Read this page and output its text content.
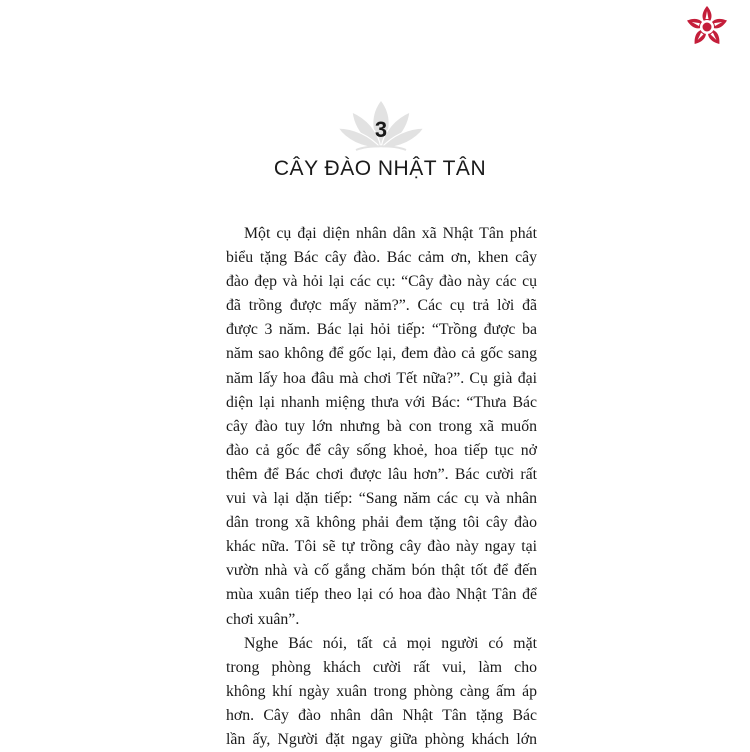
3
CÂY ĐÀO NHẬT TÂN

Một cụ đại diện nhân dân xã Nhật Tân phát
biểu tặng Bác cây đào. Bác cảm ơn, khen cây
đào đẹp và hỏi lại các cụ: “Cây đào này các cụ
đã trồng được mấy năm?”. Các cụ trả lời đã
được 3 năm. Bác lại hỏi tiếp: “Trồng được ba
năm sao không để gốc lại, đem đào cả gốc sang
năm lấy hoa đâu mà chơi Tết nữa?”. Cụ già đại
diện lại nhanh miệng thưa với Bác: “Thưa Bác
cây đào tuy lớn nhưng bà con trong xã muốn
đào cả gốc để cây sống khoẻ, hoa tiếp tục nở
thêm để Bác chơi được lâu hơn”. Bác cười rất
vui và lại dặn tiếp: “Sang năm các cụ và nhân
dân trong xã không phải đem tặng tôi cây đào
khác nữa. Tôi sẽ tự trồng cây đào này ngay tại
vườn nhà và cố gắng chăm bón thật tốt để đến
mùa xuân tiếp theo lại có hoa đào Nhật Tân để
chơi xuân”.

Nghe Bác nói, tất cả mọi người có mặt
trong phòng khách cười rất vui, làm cho
không khí ngày xuân trong phòng càng ấm áp
hơn. Cây đào nhân dân Nhật Tân tặng Bác
lần ấy, Người đặt ngay giữa phòng khách lớn
